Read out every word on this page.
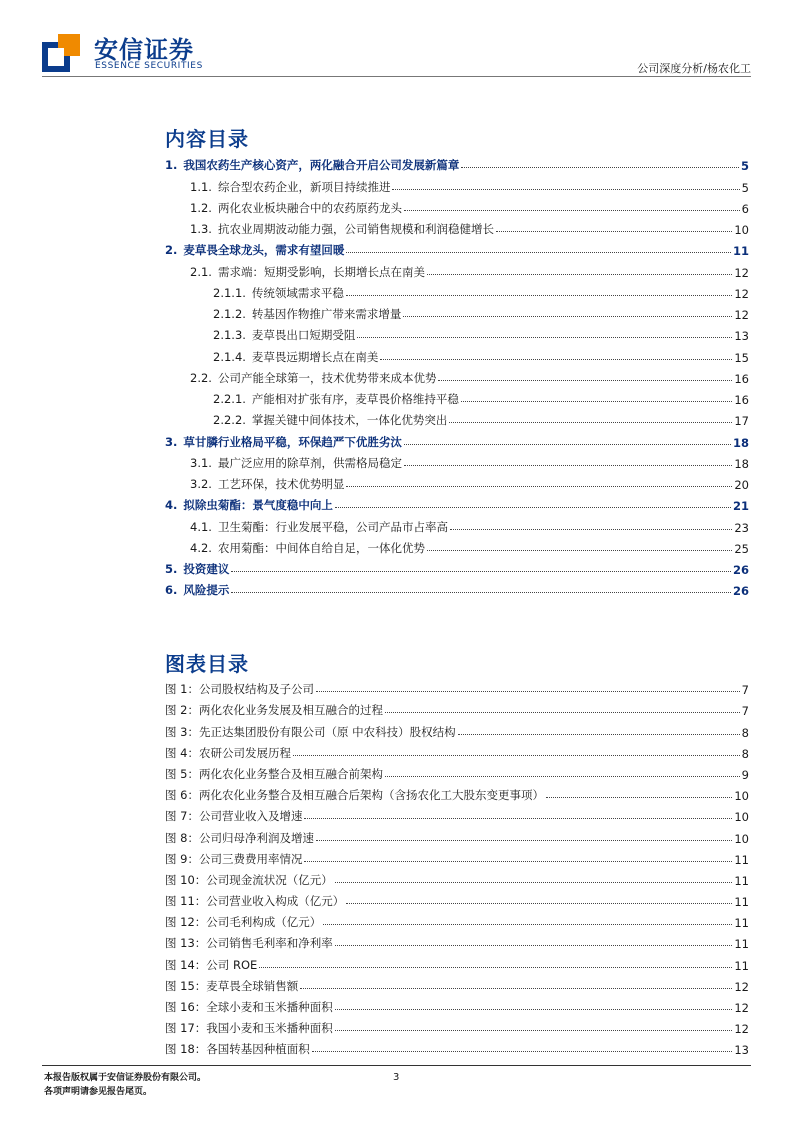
安信证券
ESSENCE SECURITIES	公司深度分析/杨农化工
内容目录
1. 我国农药生产核心资产，两化融合开启公司发展新篇章	5
1.1. 综合型农药企业，新项目持续推进	5
1.2. 两化农业板块融合中的农药原药龙头	6
1.3. 抗农业周期波动能力强，公司销售规模和利润稳健增长	10
2. 麦草畏全球龙头，需求有望回暖	11
2.1. 需求端：短期受影响，长期增长点在南美	12
2.1.1. 传统领域需求平稳	12
2.1.2. 转基因作物推广带来需求增量	12
2.1.3. 麦草畏出口短期受阻	13
2.1.4. 麦草畏远期增长点在南美	15
2.2. 公司产能全球第一，技术优势带来成本优势	16
2.2.1. 产能相对扩张有序，麦草畏价格维持平稳	16
2.2.2. 掌握关键中间体技术，一体化优势突出	17
3. 草甘膦行业格局平稳，环保趋严下优胜劣汰	18
3.1. 最广泛应用的除草剂，供需格局稳定	18
3.2. 工艺环保，技术优势明显	20
4. 拟除虫菊酯：景气度稳中向上	21
4.1. 卫生菊酯：行业发展平稳，公司产品市占率高	23
4.2. 农用菊酯：中间体自给自足，一体化优势	25
5. 投资建议	26
6. 风险提示	26
图表目录
图 1：公司股权结构及子公司	7
图 2：两化农化业务发展及相互融合的过程	7
图 3：先正达集团股份有限公司（原 中农科技）股权结构	8
图 4：农研公司发展历程	8
图 5：两化农化业务整合及相互融合前架构	9
图 6：两化农化业务整合及相互融合后架构（含扬农化工大股东变更事项）	10
图 7：公司营业收入及增速	10
图 8：公司归母净利润及增速	10
图 9：公司三费费用率情况	11
图 10：公司现金流状况（亿元）	11
图 11：公司营业收入构成（亿元）	11
图 12：公司毛利构成（亿元）	11
图 13：公司销售毛利率和净利率	11
图 14：公司 ROE	11
图 15：麦草畏全球销售额	12
图 16：全球小麦和玉米播种面积	12
图 17：我国小麦和玉米播种面积	12
图 18：各国转基因种植面积	13
本报告版权属于安信证券股份有限公司。
各项声明请参见报告尾页。
3
